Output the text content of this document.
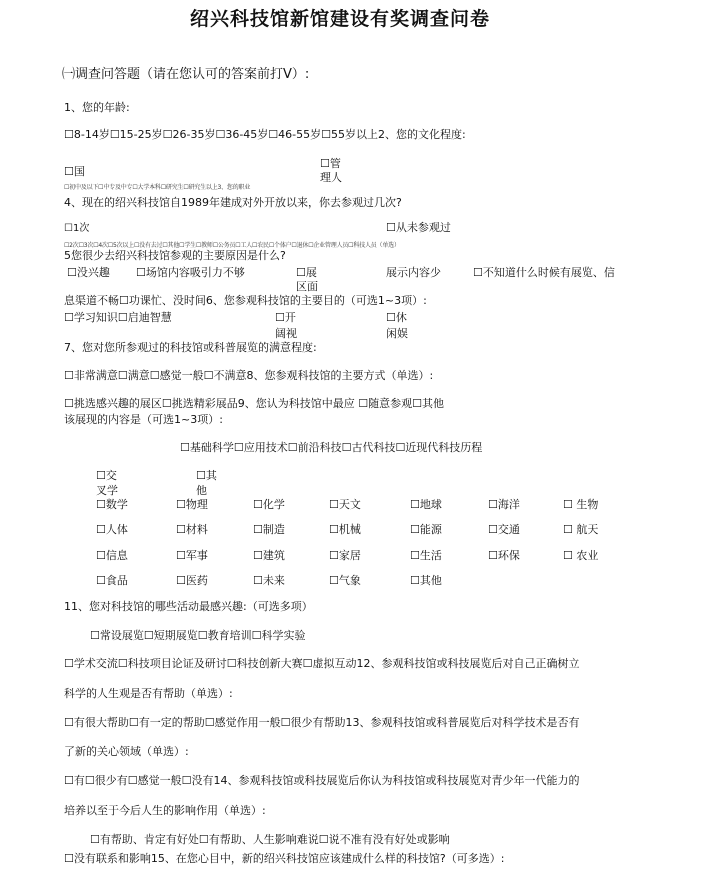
绍兴科技馆新馆建设有奖调查问卷
㈠调查问答题（请在您认可的答案前打V）:
1、您的年龄:
☐8-14岁☐15-25岁☐26-35岁☐36-45岁☐46-55岁☐55岁以上2、您的文化程度:
☐国
☐管
理人
☐初中及以下☐中专及中专☐大学本科☐研究生☐研究生以上3、您的职业
4、现在的绍兴科技馆自1989年建成对外开放以来，你去参观过几次?
☐1次	☐从未参观过
☐2次☐3次☐4次☐5次以上☐没有去过☐其他☐学生☐教师☐公务员☐工人☐农民☐个体户☐退休☐企业管理人员☐科技人员（单选）
5您很少去绍兴科技馆参观的主要原因是什么?
☐没兴趣 ☐场馆内容吸引力不够	☐展
区面
展示内容少	☐不知道什么时候有展览、信
息渠道不畅☐功课忙、没时间6、您参观科技馆的主要目的（可选1~3项）:
☐学习知识☐启迪智慧	☐开
阔视
☐休
闲娱
7、您对您所参观过的科技馆或科普展览的满意程度:
☐非常满意☐满意☐感觉一般☐不满意8、您参观科技馆的主要方式（单选）:
☐挑选感兴趣的展区☐挑选精彩展品9、您认为科技馆中最应 ☐随意参观☐其他
该展现的内容是（可选1~3项）:
☐基础科学☐应用技术☐前沿科技☐古代科技☐近现代科技历程
☐交
叉学
☐其
他
☐数学	☐物理	☐化学	☐天文	☐地球	☐海洋	☐ 生物
☐人体	☐材料	☐制造	☐机械	☐能源	☐交通	☐ 航天
☐信息	☐军事	☐建筑	☐家居	☐生活	☐环保	☐ 农业
☐食品	☐医药	☐未来	☐气象	☐其他
11、您对科技馆的哪些活动最感兴趣:（可选多项）
☐常设展览☐短期展览☐教育培训☐科学实验
☐学术交流☐科技项目论证及研讨☐科技创新大赛☐虚拟互动12、参观科技馆或科技展览后对自己正确树立
科学的人生观是否有帮助（单选）:
☐有很大帮助☐有一定的帮助☐感觉作用一般☐很少有帮助13、参观科技馆或科普展览后对科学技术是否有
了新的关心领域（单选）:
☐有☐很少有☐感觉一般☐没有14、参观科技馆或科技展览后你认为科技馆或科技展览对青少年一代能力的
培养以至于今后人生的影响作用（单选）:
☐有帮助、肯定有好处☐有帮助、人生影响难说☐说不准有没有好处或影响
☐没有联系和影响15、在您心目中，新的绍兴科技馆应该建成什么样的科技馆?（可多选）:
